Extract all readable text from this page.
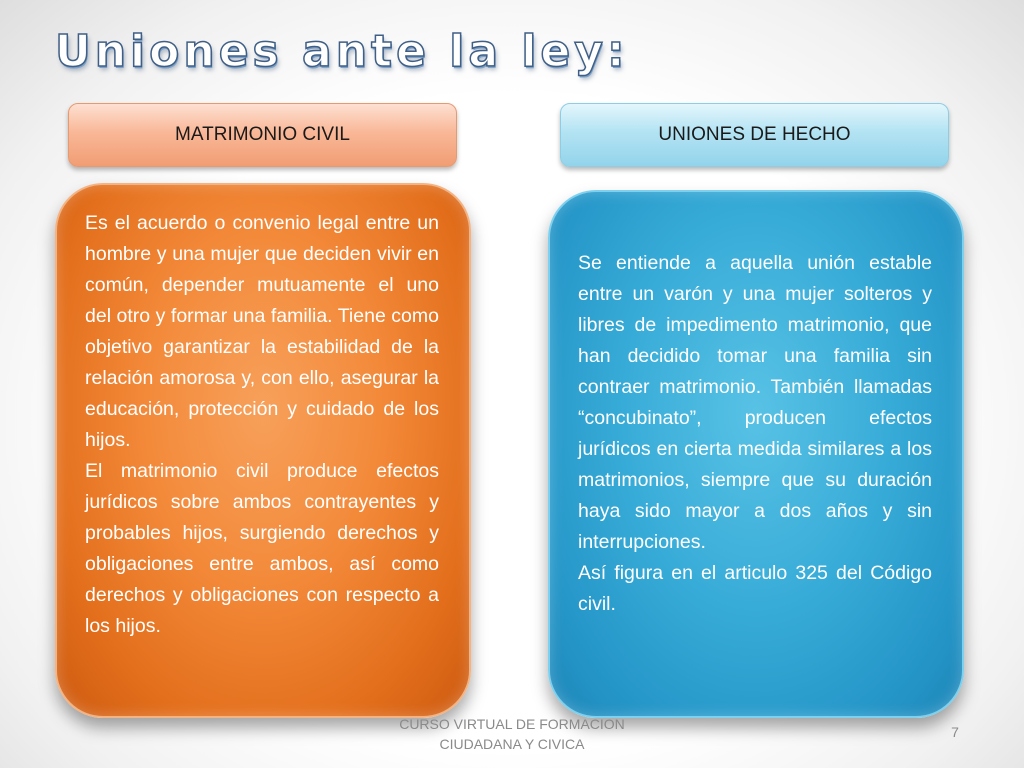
Uniones ante la ley:
MATRIMONIO CIVIL	UNIONES DE HECHO

Es el acuerdo o convenio legal entre un hombre y una mujer que deciden vivir en común, depender mutuamente el uno del otro y formar una familia. Tiene como objetivo garantizar la estabilidad de la relación amorosa y, con ello, asegurar la educación, protección y cuidado de los hijos.

El matrimonio civil produce efectos jurídicos sobre ambos contrayentes y probables hijos, surgiendo derechos y obligaciones entre ambos, así como derechos y obligaciones con respecto a los hijos.

Se entiende a aquella unión estable entre un varón y una mujer solteros y libres de impedimento matrimonio, que han decidido tomar una familia sin contraer matrimonio. También llamadas “concubinato”, producen efectos jurídicos en cierta medida similares a los matrimonios, siempre que su duración haya sido mayor a dos años y sin interrupciones.

Así figura en el articulo 325 del Código civil.

CURSO VIRTUAL DE FORMACION
CIUDADANA Y CIVICA
7
